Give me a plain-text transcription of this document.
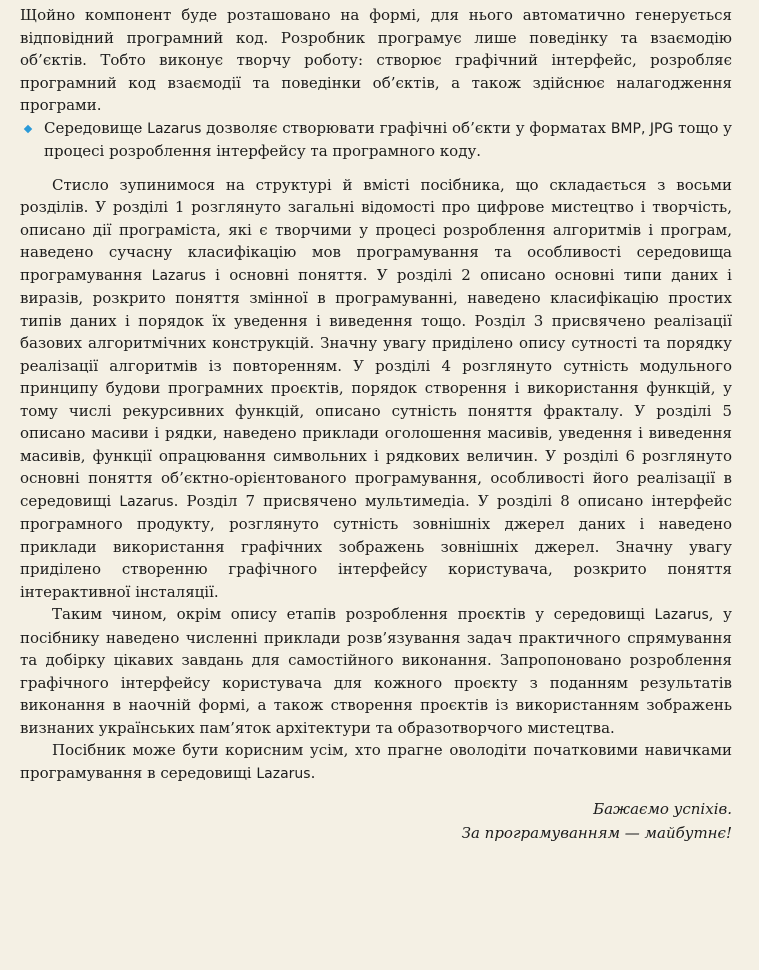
Щойно компонент буде розташовано на формі, для нього автоматично генерується відповідний програмний код. Розробник програмує лише поведінку та взаємодію об’єктів. Тобто виконує творчу роботу: створює графічний інтерфейс, розробляє програмний код взаємодії та поведінки об’єктів, а також здійснює налагодження програми.

Середовище Lazarus дозволяє створювати графічні об’єкти у форматах BMP, JPG тощо у процесі розроблення інтерфейсу та програмного коду.

Стисло зупинимося на структурі й вмісті посібника, що складається з восьми розділів. У розділі 1 розглянуто загальні відомості про цифрове мистецтво і творчість, описано дії програміста, які є творчими у процесі розроблення алгоритмів і програм, наведено сучасну класифікацію мов програмування та особливості середовища програмування Lazarus і основні поняття. У розділі 2 описано основні типи даних і виразів, розкрито поняття змінної в програмуванні, наведено класифікацію простих типів даних і порядок їх уведення і виведення тощо. Розділ 3 присвячено реалізації базових алгоритмічних конструкцій. Значну увагу приділено опису сутності та порядку реалізації алгоритмів із повторенням. У розділі 4 розглянуто сутність модульного принципу будови програмних проєктів, порядок створення і використання функцій, у тому числі рекурсивних функцій, описано сутність поняття фракталу. У розділі 5 описано масиви і рядки, наведено приклади оголошення масивів, уведення і виведення масивів, функції опрацювання символьних і рядкових величин. У розділі 6 розглянуто основні поняття об’єктно-орієнтованого програмування, особливості його реалізації в середовищі Lazarus. Розділ 7 присвячено мультимедіа. У розділі 8 описано інтерфейс програмного продукту, розглянуто сутність зовнішніх джерел даних і наведено приклади використання графічних зображень зовнішніх джерел. Значну увагу приділено створенню графічного інтерфейсу користувача, розкрито поняття інтерактивної інсталяції.

Таким чином, окрім опису етапів розроблення проєктів у середовищі Lazarus, у посібнику наведено численні приклади розв’язування задач практичного спрямування та добірку цікавих завдань для самостійного виконання. Запропоновано розроблення графічного інтерфейсу користувача для кожного проєкту з поданням результатів виконання в наочній формі, а також створення проєктів із використанням зображень визнаних українських пам’яток архітектури та образотворчого мистецтва.

Посібник може бути корисним усім, хто прагне оволодіти початковими навичками програмування в середовищі Lazarus.

Бажаємо успіхів.
За програмуванням — майбутнє!
